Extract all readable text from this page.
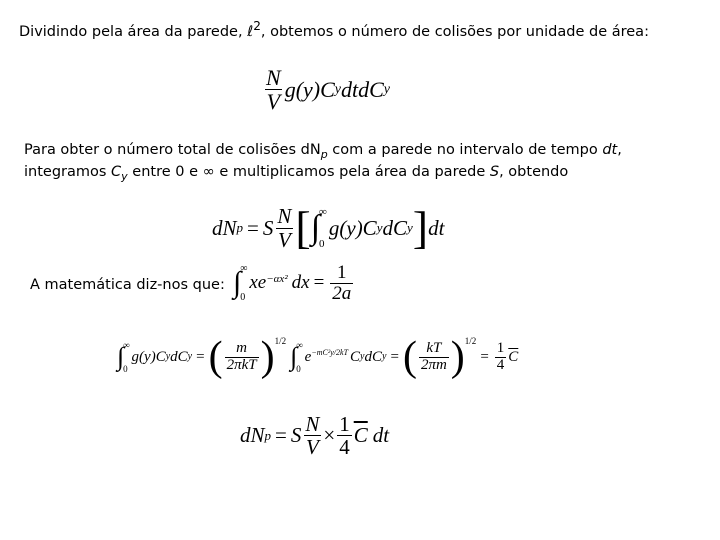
Dividindo pela área da parede, ℓ$^2$, obtemos o número de colisões por unidade de área:
$\frac{N}{V} g(y)C$ y dtdC y
Para obter o número total de colisões $dN_p$ com a parede no intervalo de tempo dt,
integramos $C_y$ entre 0 e ∞ e multiplicamos pela área da parede S, obtendo
dN p = S $\frac{N}{V}$ [ ∫ ∞
0
g(y)C y dC y ] dt
A matemática diz-nos que: ∫ ∞
0
x $e^{-\alpha x^2}$ dx = $\frac{1}{2a}$
∫ ∞
0
g(y)C y dC y = ( $\frac{m}{\text{2πkT}} )^{1/2}$
∫ ∞
0
$e^{-mC^2y/2kT}$ C y dC y = ( $\frac{kT}{2\pi m} )^{1/2}$
= $\frac{1}{4} \overline{C}$
dN p = S $\frac{N}{V} \times \frac{1}{4} \overline{C}$ dt
